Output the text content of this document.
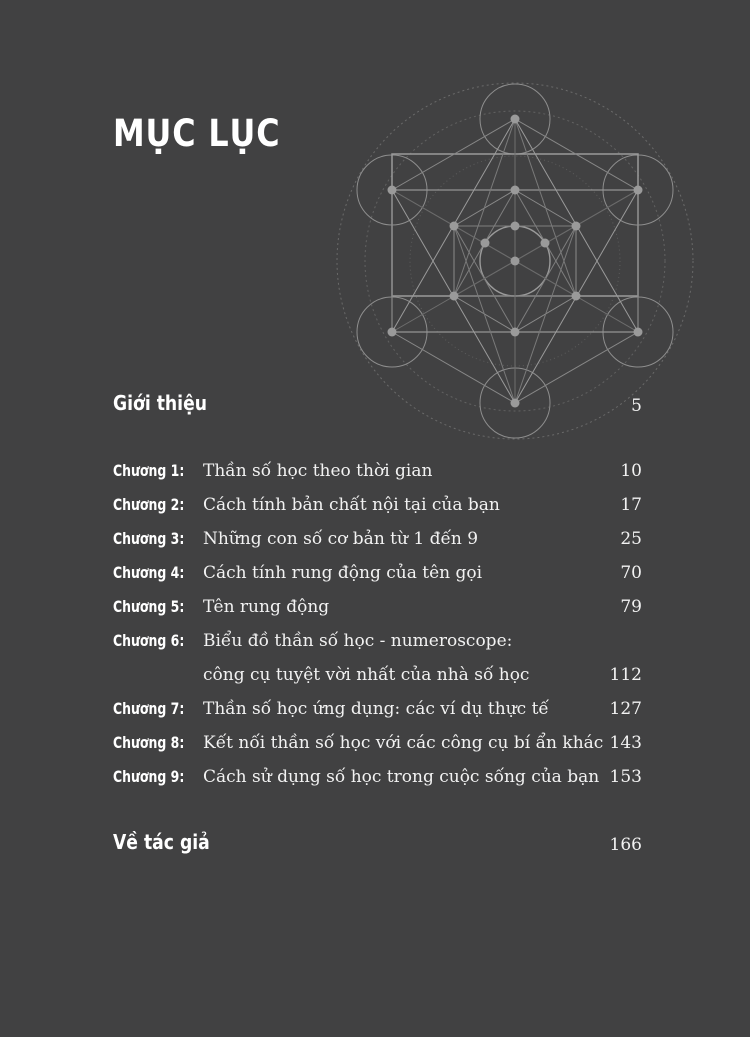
MỤC LỤC
Giới thiệu	5
Chương 1: Thần số học theo thời gian	10
Chương 2: Cách tính bản chất nội tại của bạn	17
Chương 3: Những con số cơ bản từ 1 đến 9	25
Chương 4: Cách tính rung động của tên gọi	70
Chương 5: Tên rung động	79
Chương 6: Biểu đồ thần số học - numeroscope:
công cụ tuyệt vời nhất của nhà số học	112
Chương 7: Thần số học ứng dụng: các ví dụ thực tế	127
Chương 8: Kết nối thần số học với các công cụ bí ẩn khác 143
Chương 9: Cách sử dụng số học trong cuộc sống của bạn 153
Về tác giả	166
